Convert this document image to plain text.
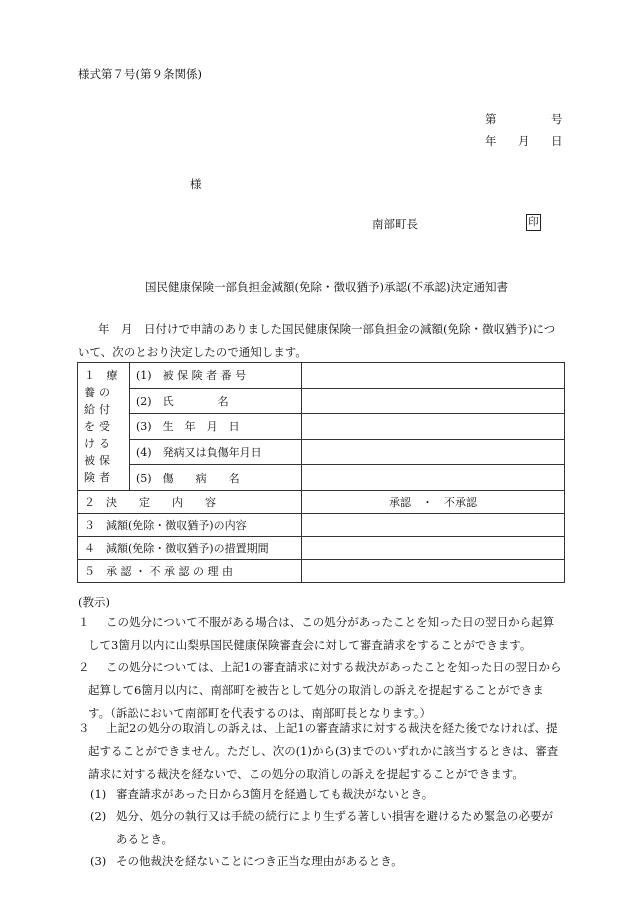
様式第７号(第９条関係)
第	号
年 月 日
様
南部町長	印
国民健康保険一部負担金減額(免除・徴収猶予)承認(不承認)決定通知書
年　月　日付けで申請のありました国民健康保険一部負担金の減額(免除・徴収猶予)について、次のとおり決定したので通知します。
１ 療養の給付を受ける被保険者	(1)　被 保 険 者 番 号	
	(2)　氏　　　　名	
	(3)　生　年　月　日	
	(4)　発病又は負傷年月日	
	(5)　傷　　病　　名	
２　決　　定　　内　　容		承認　・　不承認
３　減額(免除・徴収猶予)の内容		
４　減額(免除・徴収猶予)の措置期間		
５　承 認 ・ 不 承 認 の 理 由		
(教示)
１	この処分について不服がある場合は、この処分があったことを知った日の翌日から起算して3箇月以内に山梨県国民健康保険審査会に対して審査請求をすることができます。
２	この処分については、上記1の審査請求に対する裁決があったことを知った日の翌日から起算して6箇月以内に、南部町を被告として処分の取消しの訴えを提起することができます。（訴訟において南部町を代表するのは、南部町長となります。）
３	上記2の処分の取消しの訴えは、上記1の審査請求に対する裁決を経た後でなければ、提起することができません。ただし、次の(1)から(3)までのいずれかに該当するときは、審査請求に対する裁決を経ないで、この処分の取消しの訴えを提起することができます。
(1) 審査請求があった日から3箇月を経過しても裁決がないとき。
(2) 処分、処分の執行又は手続の続行により生ずる著しい損害を避けるため緊急の必要があるとき。
(3) その他裁決を経ないことにつき正当な理由があるとき。
